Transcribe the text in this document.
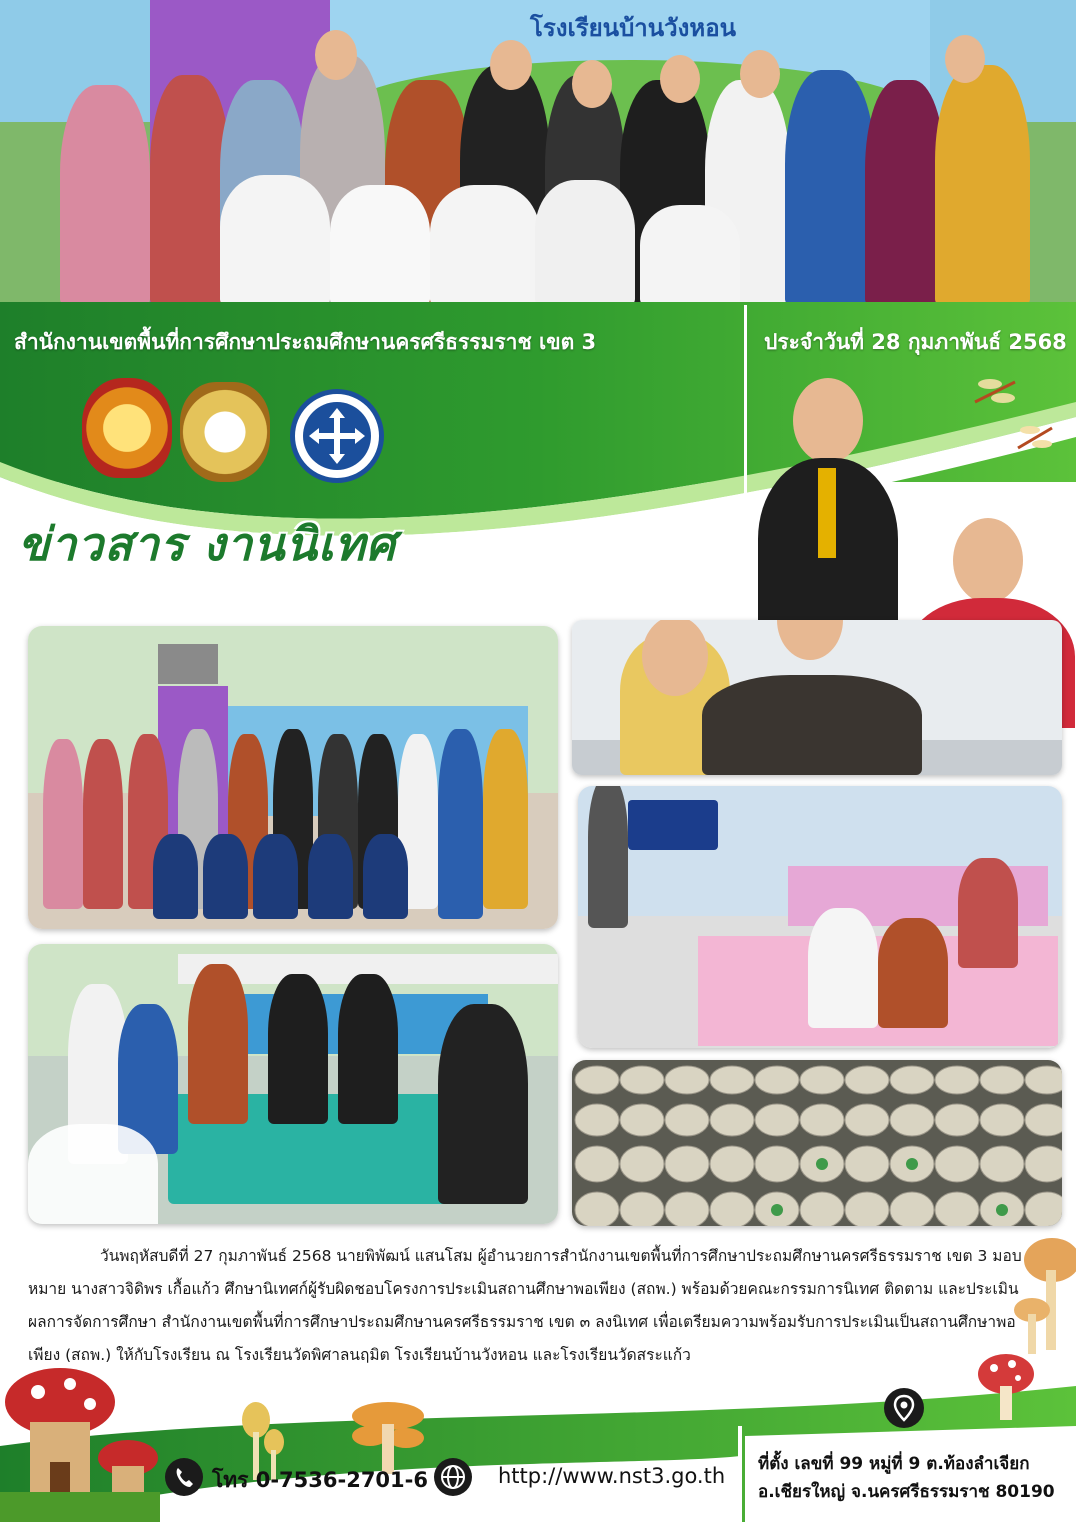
โรงเรียนบ้านวังหอน
สำนักงานเขตพื้นที่การศึกษาประถมศึกษานครศรีธรรมราช เขต 3	ประจำวันที่ 28 กุมภาพันธ์ 2568
ข่าวสาร งานนิเทศ
วันพฤหัสบดีที่ 27 กุมภาพันธ์ 2568 นายพิพัฒน์ แสนโสม ผู้อำนวยการสำนักงานเขตพื้นที่การศึกษาประถมศึกษานครศรีธรรมราช เขต 3 มอบหมาย นางสาวจิดิพร เกื้อแก้ว ศึกษานิเทศก์ผู้รับผิดชอบโครงการประเมินสถานศึกษาพอเพียง (สถพ.) พร้อมด้วยคณะกรรมการนิเทศ ติดตาม และประเมินผลการจัดการศึกษา สำนักงานเขตพื้นที่การศึกษาประถมศึกษานครศรีธรรมราช เขต ๓ ลงนิเทศ เพื่อเตรียมความพร้อมรับการประเมินเป็นสถานศึกษาพอเพียง (สถพ.) ให้กับโรงเรียน ณ โรงเรียนวัดพิศาลนฤมิต โรงเรียนบ้านวังหอน และโรงเรียนวัดสระแก้ว
โทร 0-7536-2701-6	http://www.nst3.go.th ที่ตั้ง เลขที่ 99 หมู่ที่ 9 ต.ท้องลำเจียก
อ.เชียรใหญ่ จ.นครศรีธรรมราช 80190
